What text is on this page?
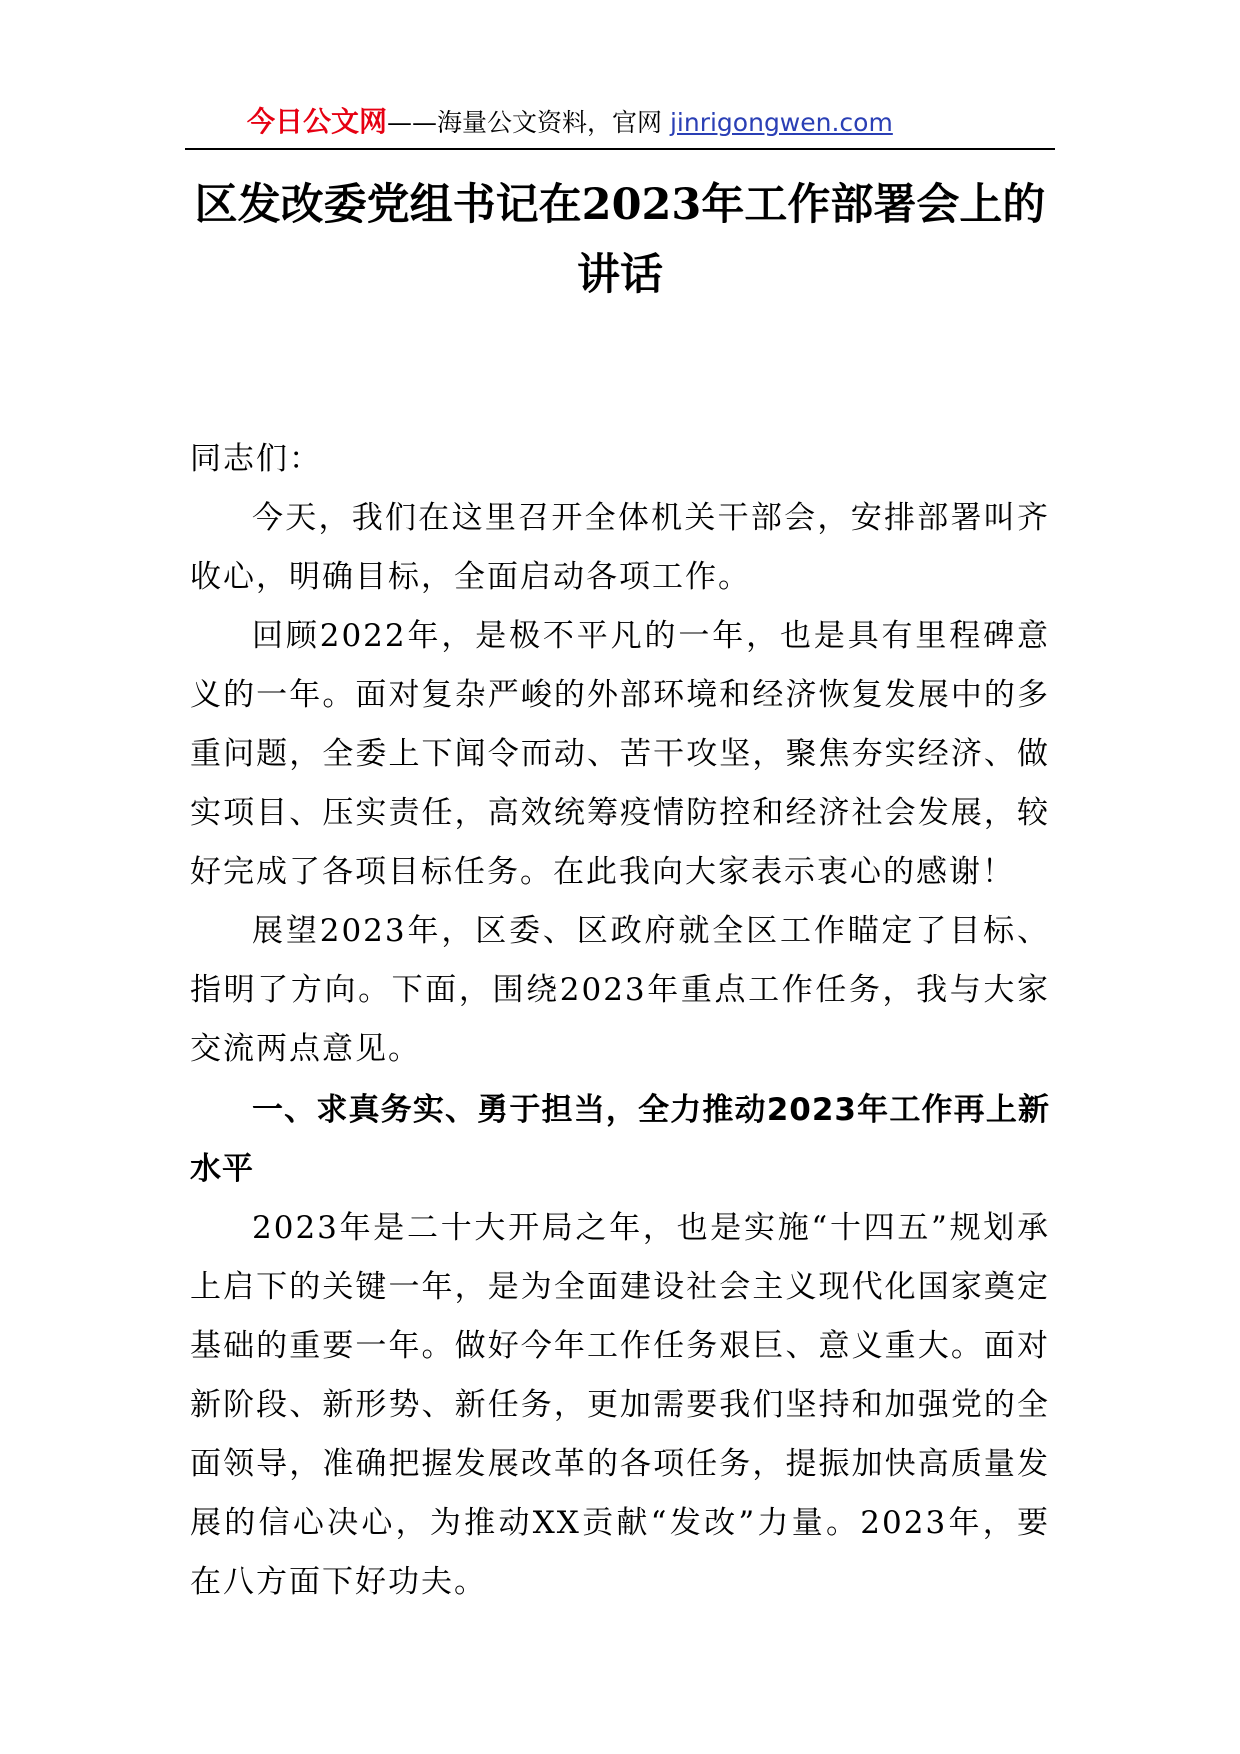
今日公文网——海量公文资料，官网 jinrigongwen.com
区发改委党组书记在2023年工作部署会上的讲话

同志们：

今天，我们在这里召开全体机关干部会，安排部署叫齐收心，明确目标，全面启动各项工作。

回顾2022年，是极不平凡的一年，也是具有里程碑意义的一年。面对复杂严峻的外部环境和经济恢复发展中的多重问题，全委上下闻令而动、苦干攻坚，聚焦夯实经济、做实项目、压实责任，高效统筹疫情防控和经济社会发展，较好完成了各项目标任务。在此我向大家表示衷心的感谢！

展望2023年，区委、区政府就全区工作瞄定了目标、指明了方向。下面，围绕2023年重点工作任务，我与大家交流两点意见。

一、求真务实、勇于担当，全力推动2023年工作再上新水平

2023年是二十大开局之年，也是实施“十四五”规划承上启下的关键一年，是为全面建设社会主义现代化国家奠定基础的重要一年。做好今年工作任务艰巨、意义重大。面对新阶段、新形势、新任务，更加需要我们坚持和加强党的全面领导，准确把握发展改革的各项任务，提振加快高质量发展的信心决心，为推动XX贡献“发改”力量。2023年，要在八方面下好功夫。
